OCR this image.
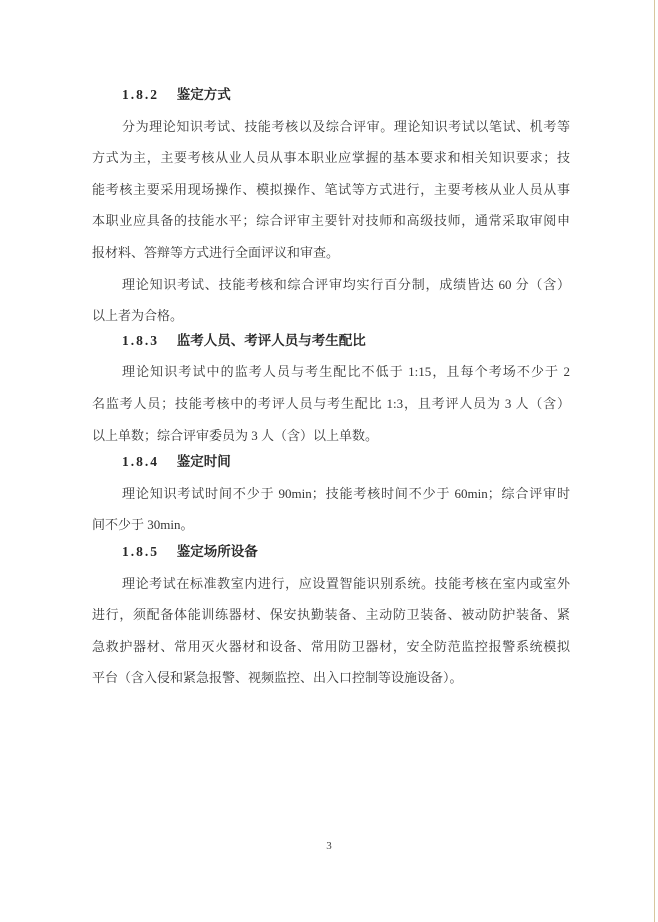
1.8.2 鉴定方式

分为理论知识考试、技能考核以及综合评审。理论知识考试以笔试、机考等

方式为主，主要考核从业人员从事本职业应掌握的基本要求和相关知识要求；技

能考核主要采用现场操作、模拟操作、笔试等方式进行，主要考核从业人员从事

本职业应具备的技能水平；综合评审主要针对技师和高级技师，通常采取审阅申

报材料、答辩等方式进行全面评议和审查。

理论知识考试、技能考核和综合评审均实行百分制，成绩皆达 60 分（含）

以上者为合格。

1.8.3 监考人员、考评人员与考生配比

理论知识考试中的监考人员与考生配比不低于 1:15，且每个考场不少于 2

名监考人员；技能考核中的考评人员与考生配比 1:3，且考评人员为 3 人（含）

以上单数；综合评审委员为 3 人（含）以上单数。

1.8.4 鉴定时间

理论知识考试时间不少于 90min；技能考核时间不少于 60min；综合评审时

间不少于 30min。

1.8.5 鉴定场所设备

理论考试在标准教室内进行，应设置智能识别系统。技能考核在室内或室外

进行，须配备体能训练器材、保安执勤装备、主动防卫装备、被动防护装备、紧

急救护器材、常用灭火器材和设备、常用防卫器材，安全防范监控报警系统模拟

平台（含入侵和紧急报警、视频监控、出入口控制等设施设备）。

3
